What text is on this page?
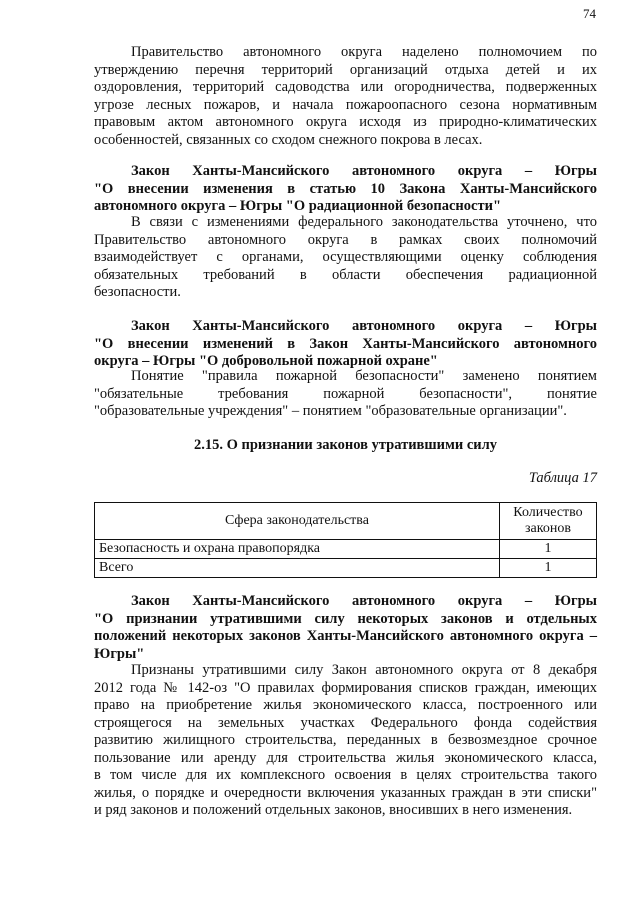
74
Правительство автономного округа наделено полномочием по
утверждению перечня территорий организаций отдыха детей и их
оздоровления, территорий садоводства или огородничества, подверженных
угрозе лесных пожаров, и начала пожароопасного сезона нормативным
правовым актом автономного округа исходя из природно-климатических
особенностей, связанных со сходом снежного покрова в лесах.
Закон Ханты-Мансийского автономного округа – Югры
"О внесении изменения в статью 10 Закона Ханты-Мансийского
автономного округа – Югры "О радиационной безопасности"
В связи с изменениями федерального законодательства уточнено, что
Правительство автономного округа в рамках своих полномочий
взаимодействует с органами, осуществляющими оценку соблюдения
обязательных требований в области обеспечения радиационной
безопасности.
Закон Ханты-Мансийского автономного округа – Югры
"О внесении изменений в Закон Ханты-Мансийского автономного
округа – Югры "О добровольной пожарной охране"
Понятие "правила пожарной безопасности" заменено понятием
"обязательные требования пожарной безопасности", понятие
"образовательные учреждения" – понятием "образовательные организации".
2.15. О признании законов утратившими силу
Таблица 17
Сфера законодательства	Количество законов
Безопасность и охрана правопорядка	1
Всего	1
Закон Ханты-Мансийского автономного округа – Югры
"О признании утратившими силу некоторых законов и отдельных
положений некоторых законов Ханты-Мансийского автономного округа –
Югры"
Признаны утратившими силу Закон автономного округа от 8 декабря
2012 года № 142-оз "О правилах формирования списков граждан, имеющих
право на приобретение жилья экономического класса, построенного или
строящегося на земельных участках Федерального фонда содействия
развитию жилищного строительства, переданных в безвозмездное срочное
пользование или аренду для строительства жилья экономического класса,
в том числе для их комплексного освоения в целях строительства такого
жилья, о порядке и очередности включения указанных граждан в эти списки"
и ряд законов и положений отдельных законов, вносивших в него изменения.
